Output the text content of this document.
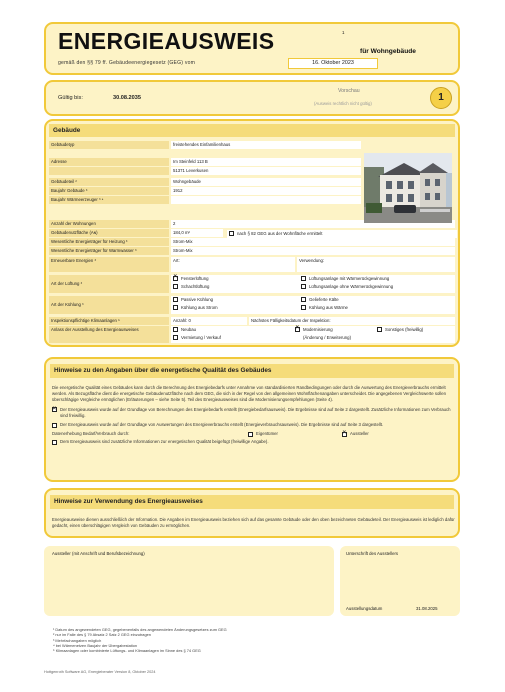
ENERGIEAUSWEIS	1
für Wohngebäude
gemäß den §§ 79 ff. Gebäudeenergiegesetz (GEG) vom	16. Oktober 2023
Gültig bis:	30.08.2035
Vorschau
(Ausweis rechtlich nicht gültig)
1
Gebäude
Gebäudetyp	freistehendes Einfamilienhaus
Adresse	Im Steinfeld 113 B
51371 Leverkusen
Gebäudeteil ²	Wohngebäude
Baujahr Gebäude ³	1912
Baujahr Wärmeerzeuger ³ ⁴
Anzahl der Wohnungen	2
Gebäudenutzfläche (Aɴ)	184,0 m²	nach § 82 GEG aus der Wohnfläche ermittelt
Wesentliche Energieträger für Heizung ³	Strom-Mix
Wesentliche Energieträger für Warmwasser ³	Strom-Mix
Erneuerbare Energien ³	Art:	Verwendung:
Art der Lüftung ³
×Fensterlüftung	Lüftungsanlage mit Wärmerückgewinnung
Schachtlüftung	Lüftungsanlage ohne Wärmerückgewinnung
Art der Kühlung ³
Passive Kühlung	Gelieferte Kälte
Kühlung aus Strom	Kühlung aus Wärme
Inspektionspflichtige Klimaanlagen ⁵	Anzahl: 0	Nächstes Fälligkeitsdatum der Inspektion:
Anlass der Ausstellung des Energieausweises	Neubau ×	Modernisierung	Sonstiges (freiwillig)
Vermietung / Verkauf	(Änderung / Erweiterung)
Hinweise zu den Angaben über die energetische Qualität des Gebäudes
Die energetische Qualität eines Gebäudes kann durch die Berechnung des Energiebedarfs unter Annahme von standardisierten Randbedingungen oder durch die Auswertung des Energieverbrauchs ermittelt werden. Als Bezugsfläche dient die energetische Gebäudenutzfläche nach dem GEG, die sich in der Regel von den allgemeinen Wohnflächenangaben unterscheidet. Die angegebenen Vergleichswerte sollen überschlägige Vergleiche ermöglichen (Erläuterungen – siehe Seite 5). Teil des Energieausweises sind die Modernisierungsempfehlungen (Seite 4).
×
Der Energieausweis wurde auf der Grundlage von Berechnungen des Energiebedarfs erstellt (Energiebedarfsausweis). Die Ergebnisse sind auf Seite 2 dargestellt. Zusätzliche Informationen zum Verbrauch sind freiwillig.
Der Energieausweis wurde auf der Grundlage von Auswertungen des Energieverbrauchs erstellt (Energieverbrauchsausweis). Die Ergebnisse sind auf Seite 3 dargestellt.
Datenerhebung Bedarf/Verbrauch durch:	Eigentümer ×	Aussteller
Dem Energieausweis sind zusätzliche Informationen zur energetischen Qualität beigefügt (freiwillige Angabe).
Hinweise zur Verwendung des Energieausweises
Energieausweise dienen ausschließlich der Information. Die Angaben im Energieausweis beziehen sich auf das gesamte Gebäude oder den oben bezeichneten Gebäudeteil. Der Energieausweis ist lediglich dafür gedacht, einen überschlägigen Vergleich von Gebäuden zu ermöglichen.
Aussteller (mit Anschrift und Berufsbezeichnung)	Unterschrift des Ausstellers
Ausstellungsdatum	31.08.2025
¹ Datum des angewendeten GEG, gegebenenfalls des angewendeten Änderungsgesetzes zum GEG
² nur im Falle des § 79 Absatz 2 Satz 2 GEG einzutragen
³ Mehrfachangaben möglich
⁴ bei Wärmenetzen Baujahr der Übergabestation
⁵ Klimaanlagen oder kombinierte Lüftungs- und Klimaanlagen im Sinne des § 74 GEG
Hottgenroth Software AG, Energieberater Version 8, Oktober 2024
